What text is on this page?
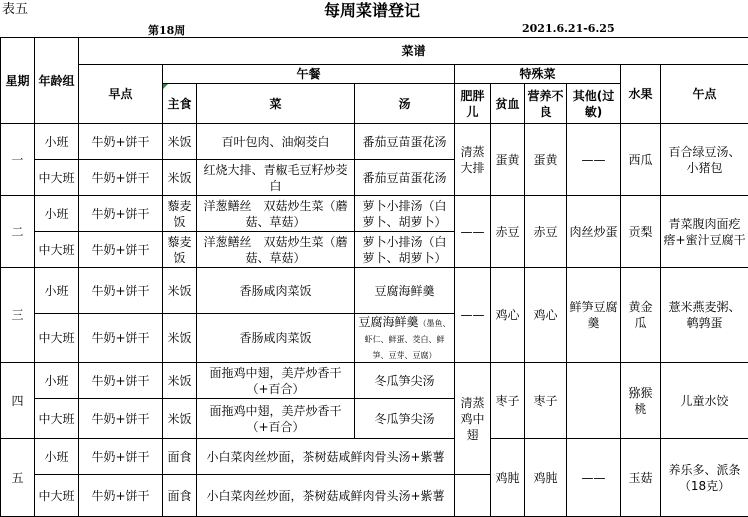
表五	每周菜谱登记
第18周	2021.6.21-6.25
星期	年龄组	菜谱									
		早点	午餐			特殊菜				水果	午点
			主食	菜	汤	肥胖儿	贫血	营养不良	其他(过敏)		
一	小班	牛奶+饼干	米饭	百叶包肉、油焖茭白	番茄豆苗蛋花汤	清蒸大排	蛋黄	蛋黄	——	西瓜	百合绿豆汤、小猪包
	中大班	牛奶+饼干	米饭	红烧大排、青椒毛豆籽炒茭白	番茄豆苗蛋花汤						
二	小班	牛奶+饼干	藜麦饭	洋葱鳝丝　双菇炒生菜（蘑菇、草菇）	萝卜小排汤（白萝卜、胡萝卜）	——	赤豆	赤豆	肉丝炒蛋	贡梨	青菜腹肉面疙瘩+蜜汁豆腐干
	中大班	牛奶+饼干	藜麦饭	洋葱鳝丝　双菇炒生菜（蘑菇、草菇）	萝卜小排汤（白萝卜、胡萝卜）						
三	小班	牛奶+饼干	米饭	香肠咸肉菜饭	豆腐海鲜羹	——	鸡心	鸡心	鲜笋豆腐羹	黄金瓜	薏米燕麦粥、鹌鹑蛋
	中大班	牛奶+饼干	米饭	香肠咸肉菜饭	豆腐海鲜羹（墨鱼、虾仁、鲜蛋、茭白、鲜笋、豆芽、豆腐）						
四	小班	牛奶+饼干	米饭	面拖鸡中翅，美芹炒香干（+百合）	冬瓜笋尖汤	清蒸鸡中翅	枣子	枣子		猕猴桃	儿童水饺
	中大班	牛奶+饼干	米饭	面拖鸡中翅，美芹炒香干（+百合）	冬瓜笋尖汤						
五	小班	牛奶+饼干	面食	小白菜肉丝炒面，茶树菇咸鲜肉骨头汤+紫薯			鸡肫	鸡肫	——	玉菇	养乐多、派条（18克）
	中大班	牛奶+饼干	面食	小白菜肉丝炒面，茶树菇咸鲜肉骨头汤+紫薯							
